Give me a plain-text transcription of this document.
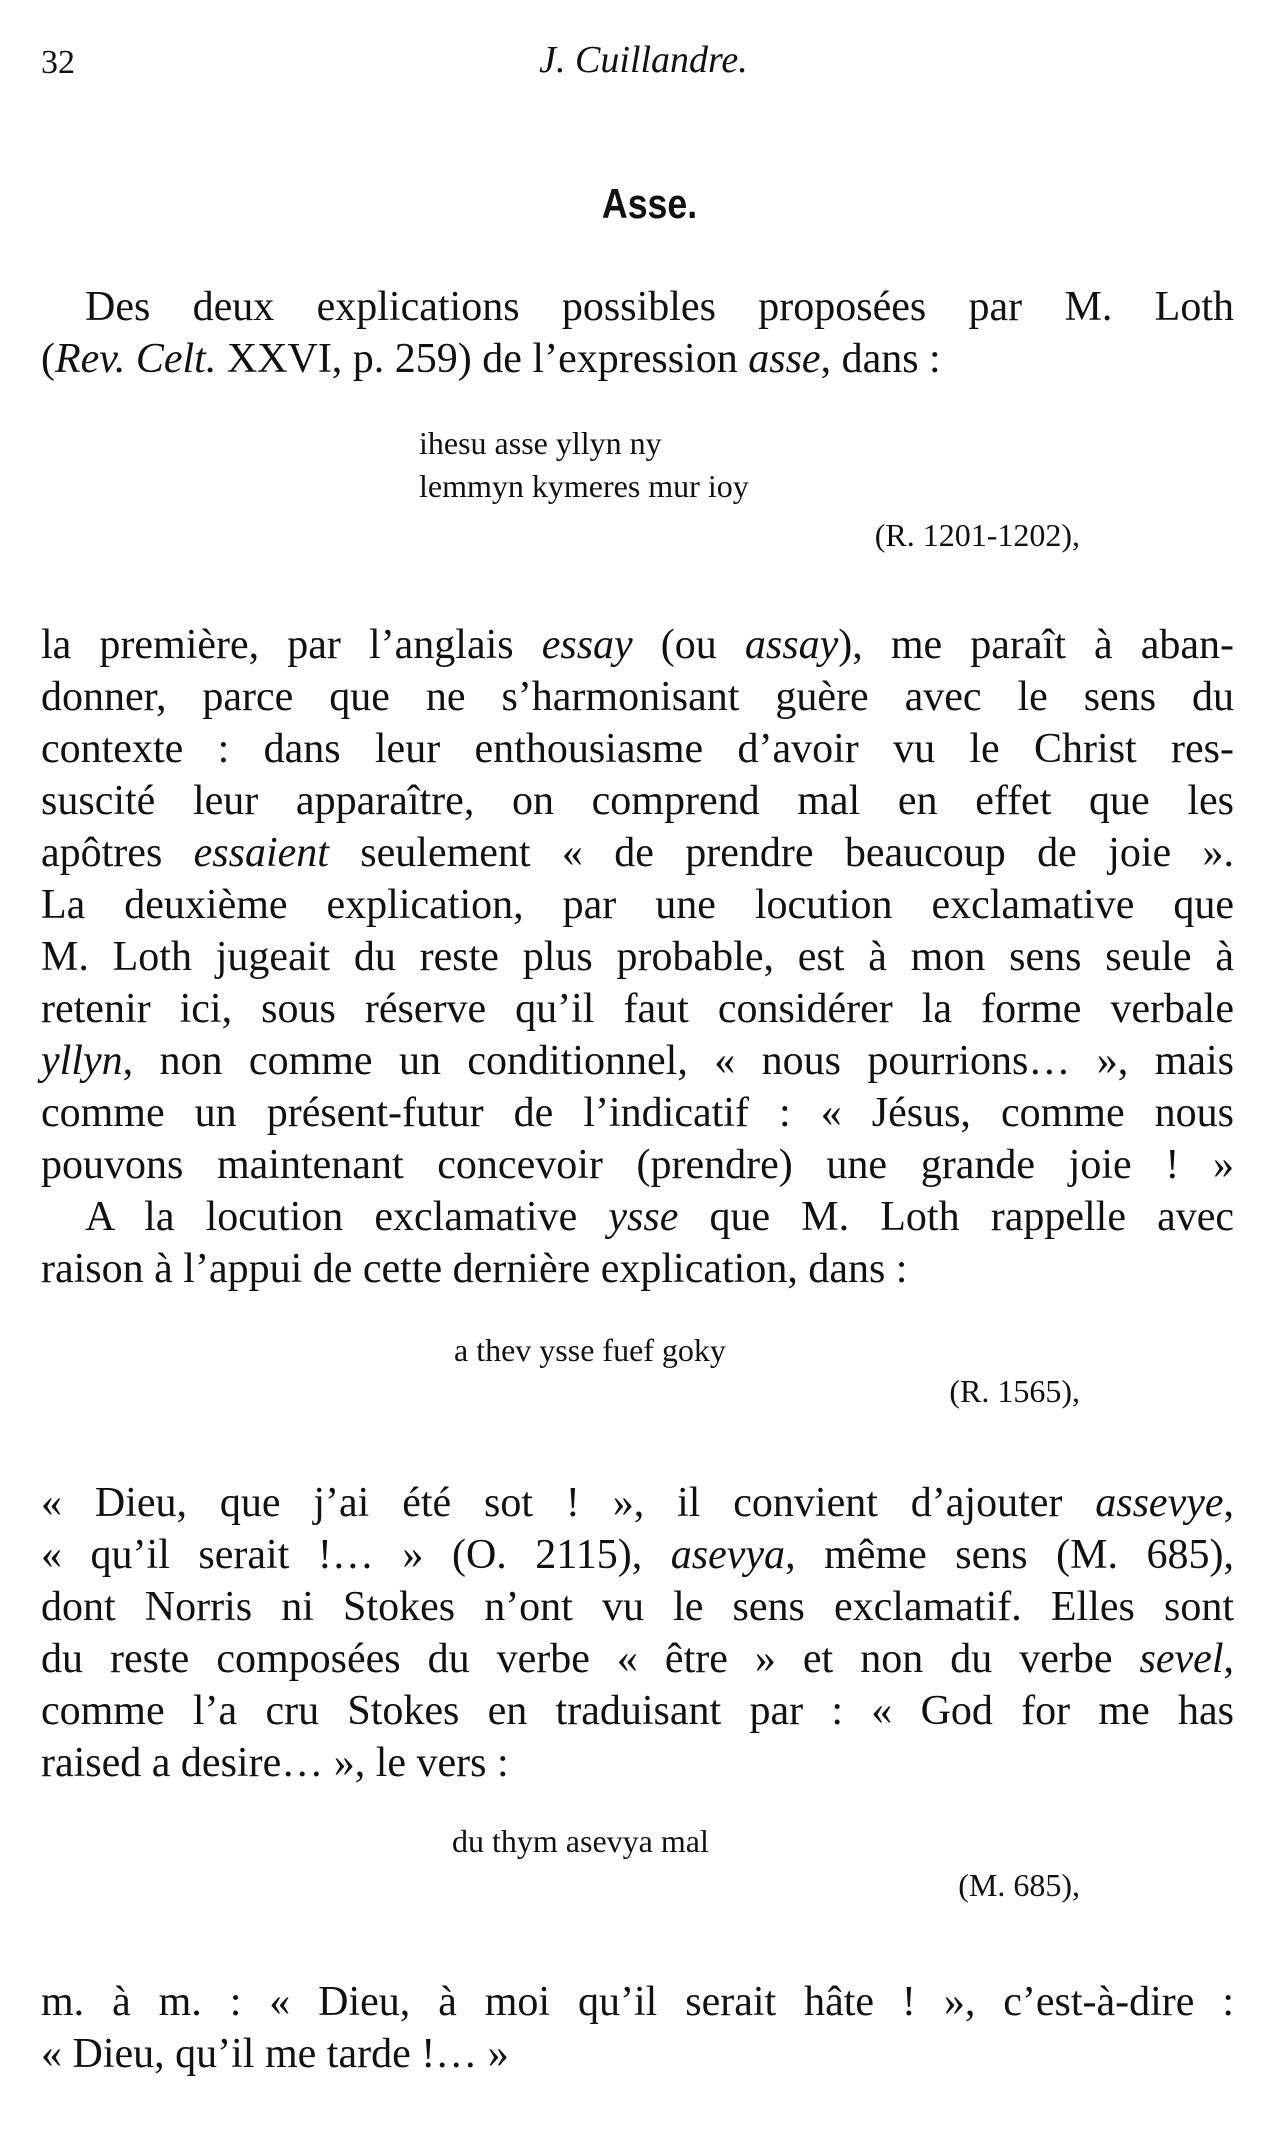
32	J. Cuillandre.
Asse.
Des deux explications possibles proposées par M. Loth
(Rev. Celt. XXVI, p. 259) de l’expression asse, dans :
ihesu asse yllyn ny
lemmyn kymeres mur ioy
(R. 1201-1202),
la première, par l’anglais essay (ou assay), me paraît à aban-
donner, parce que ne s’harmonisant guère avec le sens du
contexte : dans leur enthousiasme d’avoir vu le Christ res-
suscité leur apparaître, on comprend mal en effet que les
apôtres essaient seulement « de prendre beaucoup de joie ».
La deuxième explication, par une locution exclamative que
M. Loth jugeait du reste plus probable, est à mon sens seule à
retenir ici, sous réserve qu’il faut considérer la forme verbale
yllyn, non comme un conditionnel, « nous pourrions… », mais
comme un présent-futur de l’indicatif : « Jésus, comme nous
pouvons maintenant concevoir (prendre) une grande joie ! »
A la locution exclamative ysse que M. Loth rappelle avec
raison à l’appui de cette dernière explication, dans :
a thev ysse fuef goky
(R. 1565),
« Dieu, que j’ai été sot ! », il convient d’ajouter assevye,
« qu’il serait !… » (O. 2115), asevya, même sens (M. 685),
dont Norris ni Stokes n’ont vu le sens exclamatif. Elles sont
du reste composées du verbe « être » et non du verbe sevel,
comme l’a cru Stokes en traduisant par : « God for me has
raised a desire… », le vers :
du thym asevya mal
(M. 685),
m. à m. : « Dieu, à moi qu’il serait hâte ! », c’est-à-dire :
« Dieu, qu’il me tarde !… »
